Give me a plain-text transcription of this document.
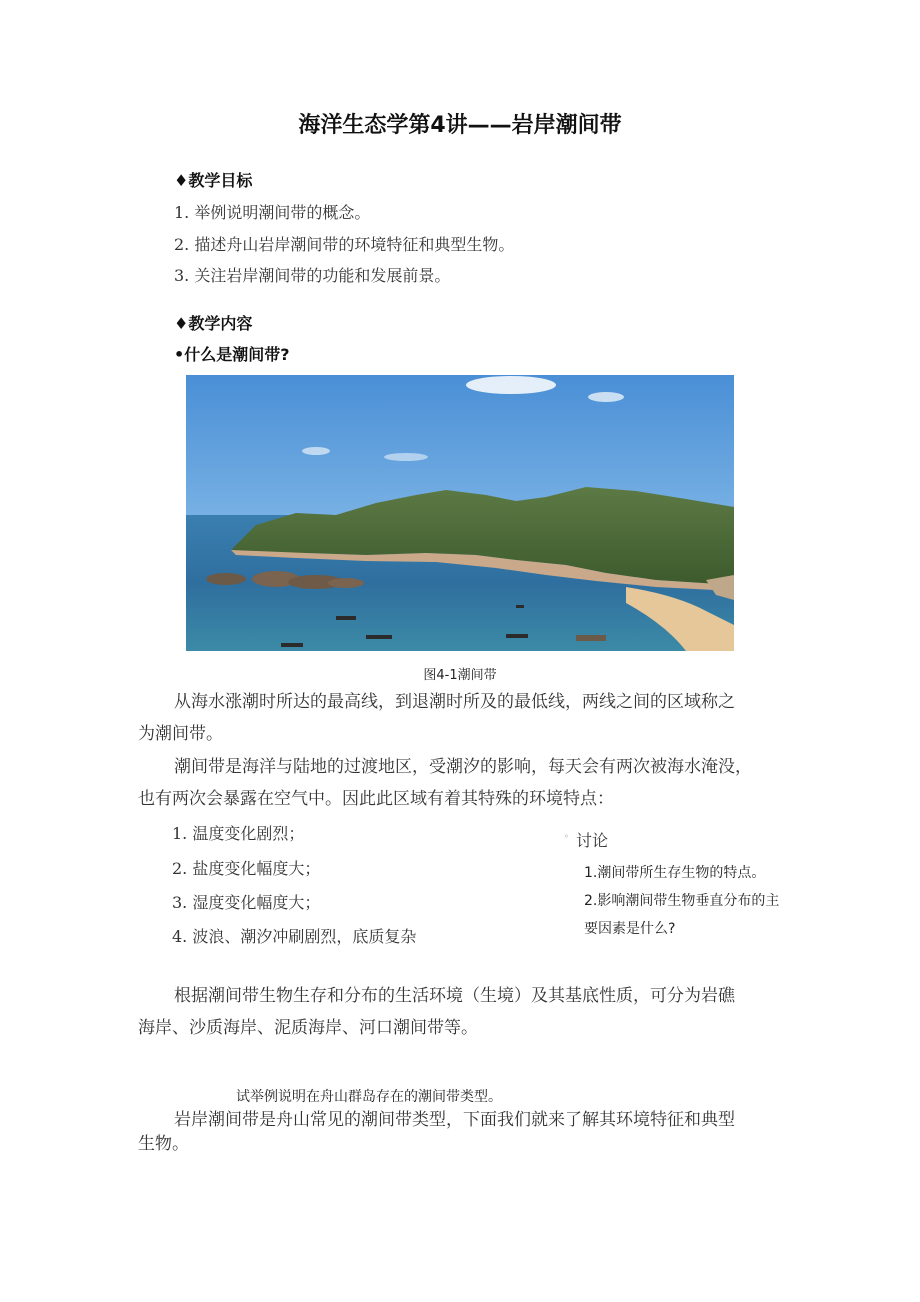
海洋生态学第4讲——岩岸潮间带
♦教学目标
1. 举例说明潮间带的概念。
2. 描述舟山岩岸潮间带的环境特征和典型生物。
3. 关注岩岸潮间带的功能和发展前景。
♦教学内容
•什么是潮间带?
图4-1潮间带
从海水涨潮时所达的最高线，到退潮时所及的最低线，两线之间的区域称之
为潮间带。
潮间带是海洋与陆地的过渡地区，受潮汐的影响，每天会有两次被海水淹没，
也有两次会暴露在空气中。因此此区域有着其特殊的环境特点：
1. 温度变化剧烈；
2. 盐度变化幅度大；
3. 湿度变化幅度大；
4. 波浪、潮汐冲刷剧烈，底质复杂
◦ 讨论
1.潮间带所生存生物的特点。
2.影响潮间带生物垂直分布的主
要因素是什么?
根据潮间带生物生存和分布的生活环境（生境）及其基底性质，可分为岩礁
海岸、沙质海岸、泥质海岸、河口潮间带等。
试举例说明在舟山群岛存在的潮间带类型。
岩岸潮间带是舟山常见的潮间带类型，下面我们就来了解其环境特征和典型
生物。
